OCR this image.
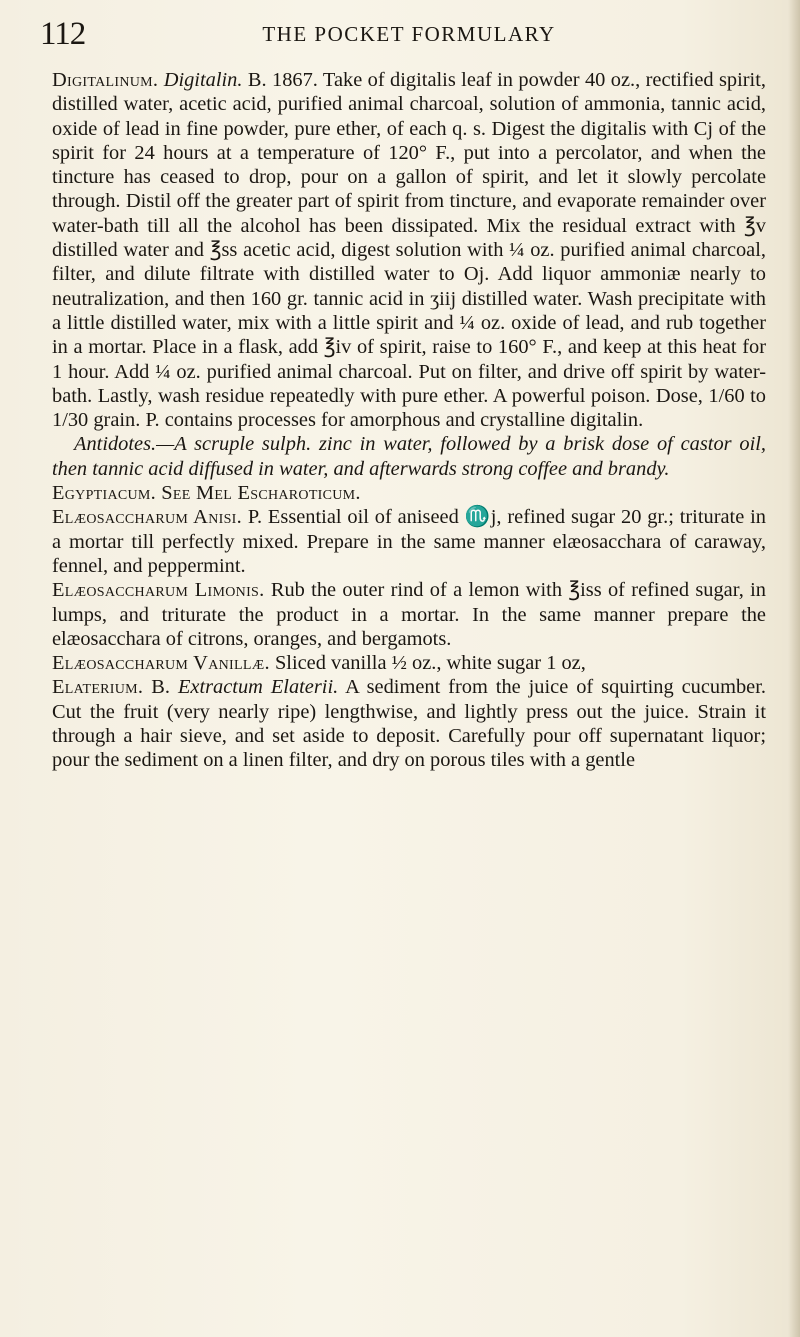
112	THE POCKET FORMULARY

Digitalinum. Digitalin. B. 1867. Take of digitalis leaf in powder 40 oz., rectified spirit, distilled water, acetic acid, purified animal charcoal, solution of ammonia, tannic acid, oxide of lead in fine powder, pure ether, of each q. s. Digest the digitalis with Cj of the spirit for 24 hours at a temperature of 120° F., put into a percolator, and when the tincture has ceased to drop, pour on a gallon of spirit, and let it slowly percolate through. Distil off the greater part of spirit from tincture, and evaporate remainder over water-bath till all the alcohol has been dissipated. Mix the residual extract with ℥v distilled water and ℥ss acetic acid, digest solution with ¼ oz. purified animal charcoal, filter, and dilute filtrate with distilled water to Oj. Add liquor ammoniæ nearly to neutralization, and then 160 gr. tannic acid in ʒiij distilled water. Wash precipitate with a little distilled water, mix with a little spirit and ¼ oz. oxide of lead, and rub together in a mortar. Place in a flask, add ℥iv of spirit, raise to 160° F., and keep at this heat for 1 hour. Add ¼ oz. purified animal charcoal. Put on filter, and drive off spirit by water-bath. Lastly, wash residue repeatedly with pure ether. A powerful poison. Dose, 1/60 to 1/30 grain. P. contains processes for amorphous and crystalline digitalin.

Antidotes.—A scruple sulph. zinc in water, followed by a brisk dose of castor oil, then tannic acid diffused in water, and afterwards strong coffee and brandy.

Egyptiacum. See Mel Escharoticum.

Elæosaccharum Anisi. P. Essential oil of aniseed ♏j, refined sugar 20 gr.; triturate in a mortar till perfectly mixed. Prepare in the same manner elæosacchara of caraway, fennel, and peppermint.

Elæosaccharum Limonis. Rub the outer rind of a lemon with ℥iss of refined sugar, in lumps, and triturate the product in a mortar. In the same manner prepare the elæosacchara of citrons, oranges, and bergamots.

Elæosaccharum Vanillæ. Sliced vanilla ½ oz., white sugar 1 oz,

Elaterium. B. Extractum Elaterii. A sediment from the juice of squirting cucumber. Cut the fruit (very nearly ripe) lengthwise, and lightly press out the juice. Strain it through a hair sieve, and set aside to deposit. Carefully pour off supernatant liquor; pour the sediment on a linen filter, and dry on porous tiles with a gentle
